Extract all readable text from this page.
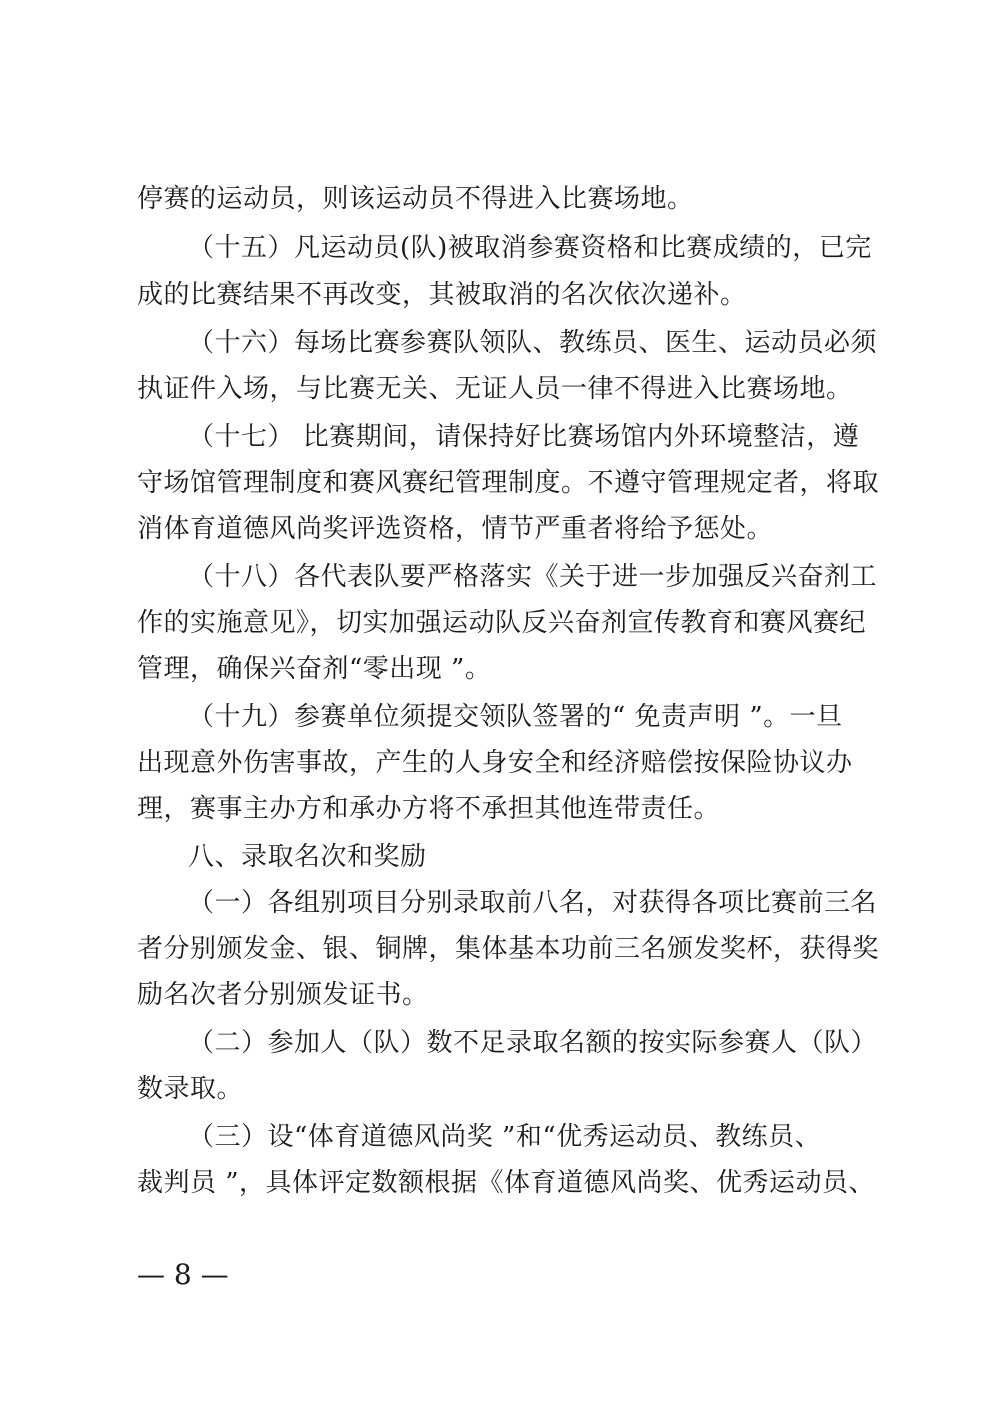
停赛的运动员，则该运动员不得进入比赛场地。
（十五）凡运动员(队)被取消参赛资格和比赛成绩的，已完
成的比赛结果不再改变，其被取消的名次依次递补。
（十六）每场比赛参赛队领队、教练员、医生、运动员必须
执证件入场，与比赛无关、无证人员一律不得进入比赛场地。
（十七） 比赛期间，请保持好比赛场馆内外环境整洁，遵
守场馆管理制度和赛风赛纪管理制度。不遵守管理规定者，将取
消体育道德风尚奖评选资格，情节严重者将给予惩处。
（十八）各代表队要严格落实《关于进一步加强反兴奋剂工
作的实施意见》，切实加强运动队反兴奋剂宣传教育和赛风赛纪
管理，确保兴奋剂“零出现 ”。
（十九）参赛单位须提交领队签署的“ 免责声明 ”。一旦
出现意外伤害事故，产生的人身安全和经济赔偿按保险协议办
理，赛事主办方和承办方将不承担其他连带责任。
八、录取名次和奖励
（一）各组别项目分别录取前八名，对获得各项比赛前三名
者分别颁发金、银、铜牌，集体基本功前三名颁发奖杯，获得奖
励名次者分别颁发证书。
（二）参加人（队）数不足录取名额的按实际参赛人（队）
数录取。
（三）设“体育道德风尚奖 ”和“优秀运动员、教练员、
裁判员 ”，具体评定数额根据《体育道德风尚奖、优秀运动员、
— 8 —
